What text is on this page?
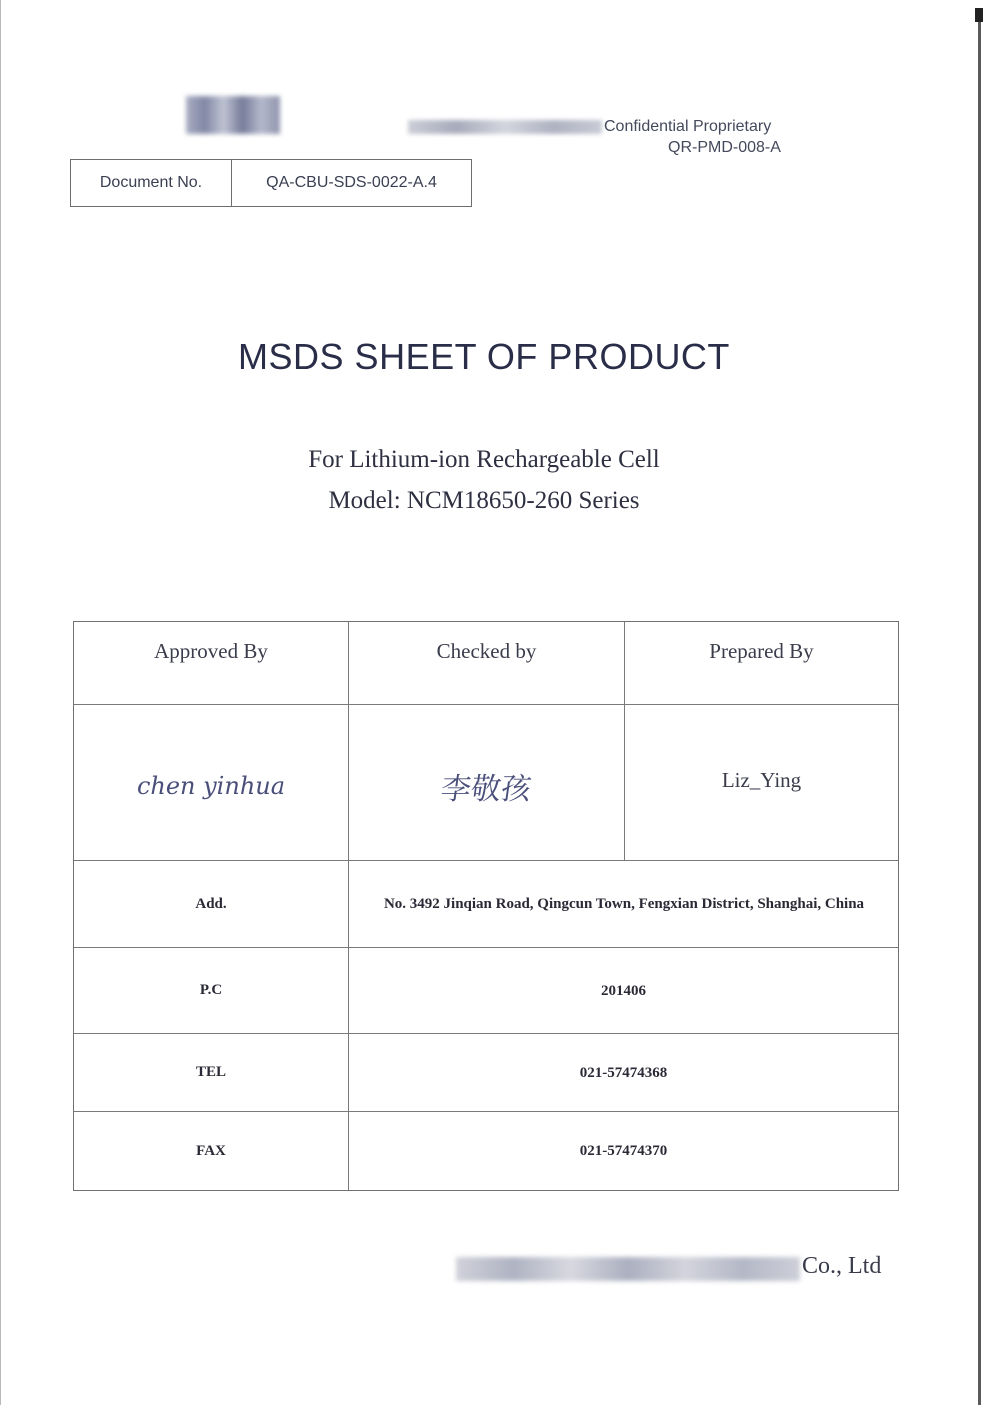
Confidential Proprietary
QR-PMD-008-A
Document No.	QA-CBU-SDS-0022-A.4
MSDS SHEET OF PRODUCT
For Lithium-ion Rechargeable Cell
Model: NCM18650-260 Series
Approved By	Checked by	Prepared By
chen yinhua	李敬孩	Liz_Ying
Add.	No. 3492 Jinqian Road, Qingcun Town, Fengxian District, Shanghai, China
P.C	201406
TEL	021-57474368
FAX	021-57474370
Co., Ltd
